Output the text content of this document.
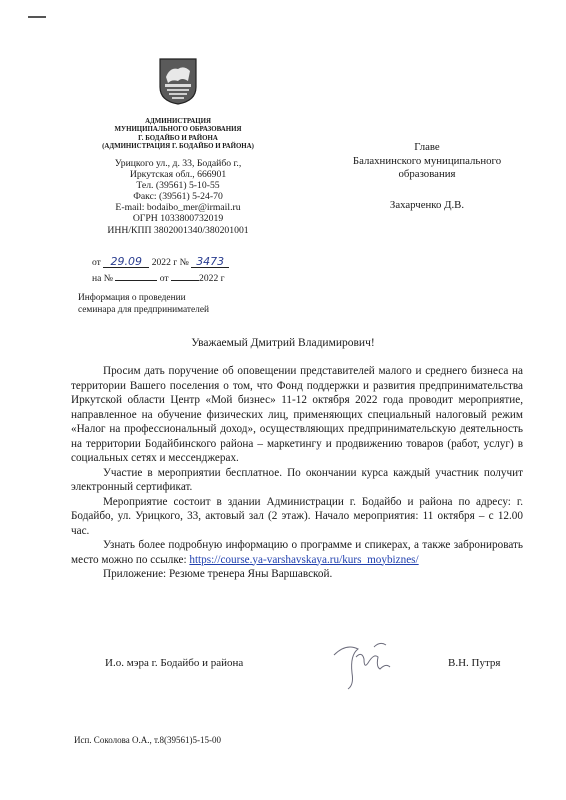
АДМИНИСТРАЦИЯ
МУНИЦИПАЛЬНОГО ОБРАЗОВАНИЯ
Г. БОДАЙБО И РАЙОНА
(АДМИНИСТРАЦИЯ Г. БОДАЙБО И РАЙОНА)
Урицкого ул., д. 33, Бодайбо г.,
Иркутская обл., 666901
Тел. (39561) 5-10-55
Факс: (39561) 5-24-70
E-mail: bodaibo_mer@irmail.ru
ОГРН 1033800732019
ИНН/КПП 3802001340/380201001
от 29.09 2022 г № 3473
на №	от	2022 г
Главе
Балахнинского муниципального
образования
Захарченко Д.В.
Информация о проведении
семинара для предпринимателей
Уважаемый Дмитрий Владимирович!

Просим дать поручение об оповещении представителей малого и среднего бизнеса на территории Вашего поселения о том, что Фонд поддержки и развития предпринимательства Иркутской области Центр «Мой бизнес» 11-12 октября 2022 года проводит мероприятие, направленное на обучение физических лиц, применяющих специальный налоговый режим «Налог на профессиональный доход», осуществляющих предпринимательскую деятельность на территории Бодайбинского района – маркетингу и продвижению товаров (работ, услуг) в социальных сетях и мессенджерах.

Участие в мероприятии бесплатное. По окончании курса каждый участник получит электронный сертификат.

Мероприятие состоит в здании Администрации г. Бодайбо и района по адресу: г. Бодайбо, ул. Урицкого, 33, актовый зал (2 этаж). Начало мероприятия: 11 октября – с 12.00 час.

Узнать более подробную информацию о программе и спикерах, а также забронировать место можно по ссылке: https://course.ya-varshavskaya.ru/kurs_moybiznes/

Приложение: Резюме тренера Яны Варшавской.

И.о. мэра г. Бодайбо и района	В.Н. Путря
Исп. Соколова О.А., т.8(39561)5-15-00
